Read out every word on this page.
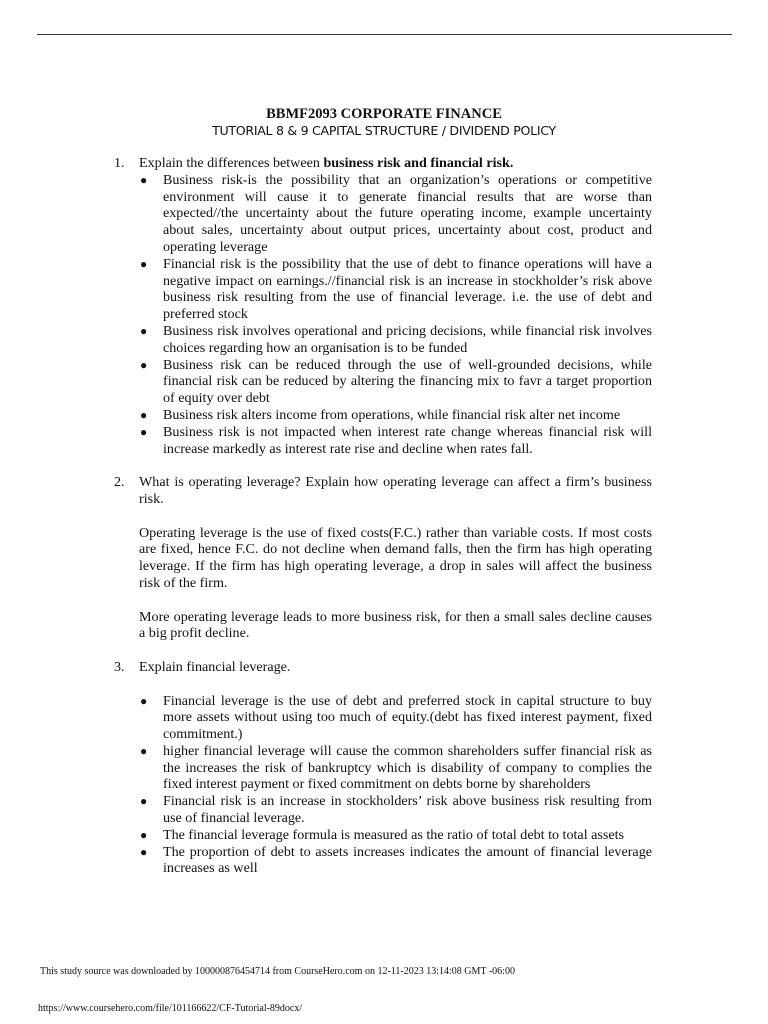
BBMF2093 CORPORATE FINANCE
TUTORIAL 8 & 9 CAPITAL STRUCTURE / DIVIDEND POLICY
1.	Explain the differences between business risk and financial risk.
●	Business risk-is the possibility that an organization’s operations or competitive environment will cause it to generate financial results that are worse than expected//the uncertainty about the future operating income, example uncertainty about sales, uncertainty about output prices, uncertainty about cost, product and operating leverage
●	Financial risk is the possibility that the use of debt to finance operations will have a negative impact on earnings.//financial risk is an increase in stockholder’s risk above business risk resulting from the use of financial leverage. i.e. the use of debt and preferred stock
●	Business risk involves operational and pricing decisions, while financial risk involves choices regarding how an organisation is to be funded
●	Business risk can be reduced through the use of well-grounded decisions, while financial risk can be reduced by altering the financing mix to favr a target proportion of equity over debt
●	Business risk alters income from operations, while financial risk alter net income
●	Business risk is not impacted when interest rate change whereas financial risk will increase markedly as interest rate rise and decline when rates fall.
2.	What is operating leverage? Explain how operating leverage can affect a firm’s business risk.
Operating leverage is the use of fixed costs(F.C.) rather than variable costs. If most costs are fixed, hence F.C. do not decline when demand falls, then the firm has high operating leverage. If the firm has high operating leverage, a drop in sales will affect the business risk of the firm.
More operating leverage leads to more business risk, for then a small sales decline causes a big profit decline.
3.	Explain financial leverage.
●	Financial leverage is the use of debt and preferred stock in capital structure to buy more assets without using too much of equity.(debt has fixed interest payment, fixed commitment.)
●	higher financial leverage will cause the common shareholders suffer financial risk as the increases the risk of bankruptcy which is disability of company to complies the fixed interest payment or fixed commitment on debts borne by shareholders
●	Financial risk is an increase in stockholders’ risk above business risk resulting from use of financial leverage.
●	The financial leverage formula is measured as the ratio of total debt to total assets
●	The proportion of debt to assets increases indicates the amount of financial leverage increases as well
This study source was downloaded by 100000876454714 from CourseHero.com on 12-11-2023 13:14:08 GMT -06:00
https://www.coursehero.com/file/101166622/CF-Tutorial-89docx/
